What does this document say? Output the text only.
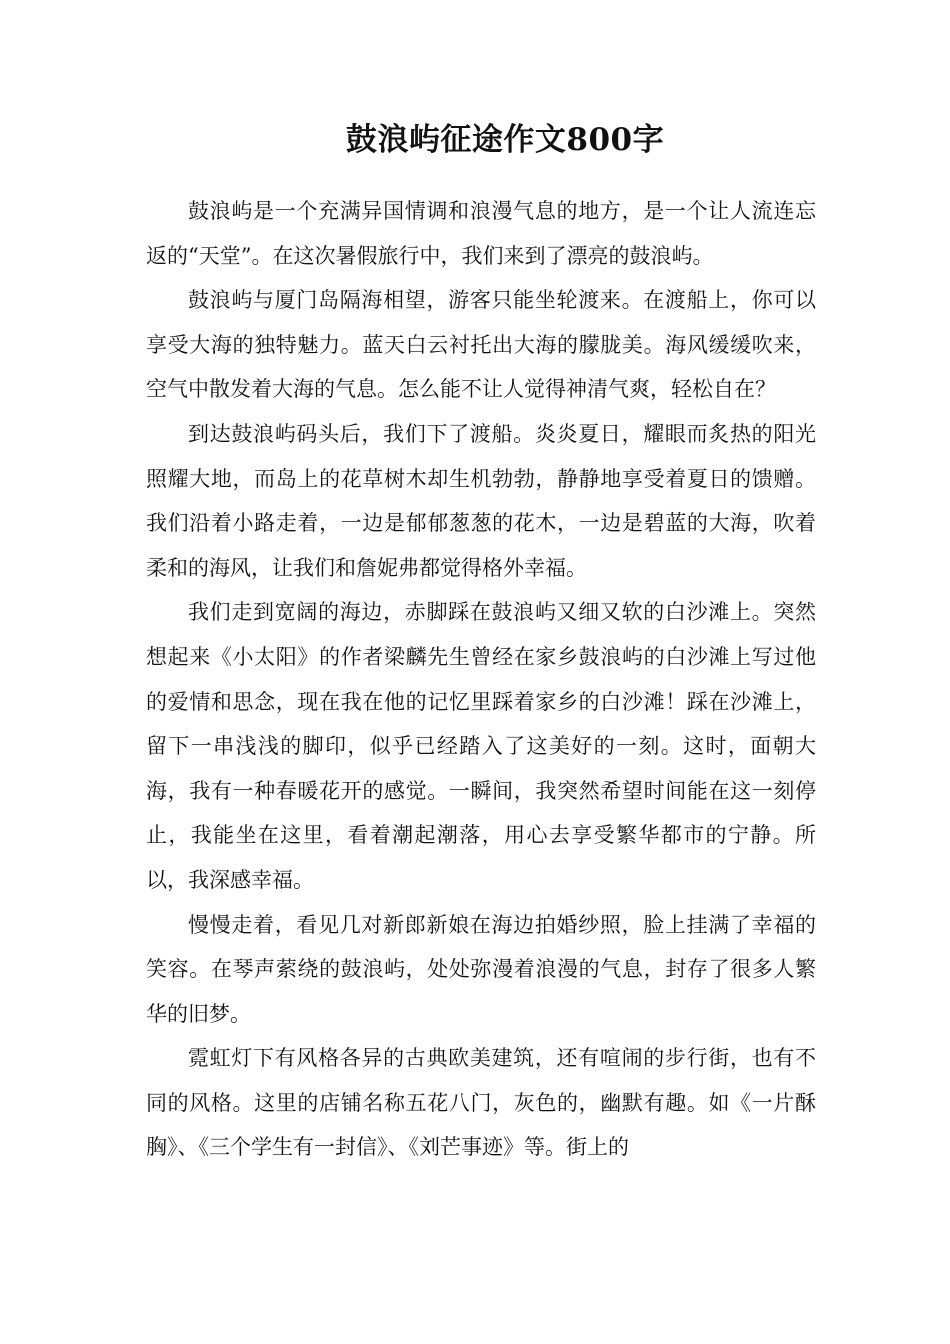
鼓浪屿征途作文800字

鼓浪屿是一个充满异国情调和浪漫气息的地方，是一个让人流连忘返的“天堂”。在这次暑假旅行中，我们来到了漂亮的鼓浪屿。

鼓浪屿与厦门岛隔海相望，游客只能坐轮渡来。在渡船上，你可以享受大海的独特魅力。蓝天白云衬托出大海的朦胧美。海风缓缓吹来，空气中散发着大海的气息。怎么能不让人觉得神清气爽，轻松自在？

到达鼓浪屿码头后，我们下了渡船。炎炎夏日，耀眼而炙热的阳光照耀大地，而岛上的花草树木却生机勃勃，静静地享受着夏日的馈赠。我们沿着小路走着，一边是郁郁葱葱的花木，一边是碧蓝的大海，吹着柔和的海风，让我们和詹妮弗都觉得格外幸福。

我们走到宽阔的海边，赤脚踩在鼓浪屿又细又软的白沙滩上。突然想起来《小太阳》的作者梁麟先生曾经在家乡鼓浪屿的白沙滩上写过他的爱情和思念，现在我在他的记忆里踩着家乡的白沙滩！踩在沙滩上，留下一串浅浅的脚印，似乎已经踏入了这美好的一刻。这时，面朝大海，我有一种春暖花开的感觉。一瞬间，我突然希望时间能在这一刻停止，我能坐在这里，看着潮起潮落，用心去享受繁华都市的宁静。所以，我深感幸福。

慢慢走着，看见几对新郎新娘在海边拍婚纱照，脸上挂满了幸福的笑容。在琴声萦绕的鼓浪屿，处处弥漫着浪漫的气息，封存了很多人繁华的旧梦。

霓虹灯下有风格各异的古典欧美建筑，还有喧闹的步行街，也有不同的风格。这里的店铺名称五花八门，灰色的，幽默有趣。如《一片酥胸》、《三个学生有一封信》、《刘芒事迹》等。街上的
